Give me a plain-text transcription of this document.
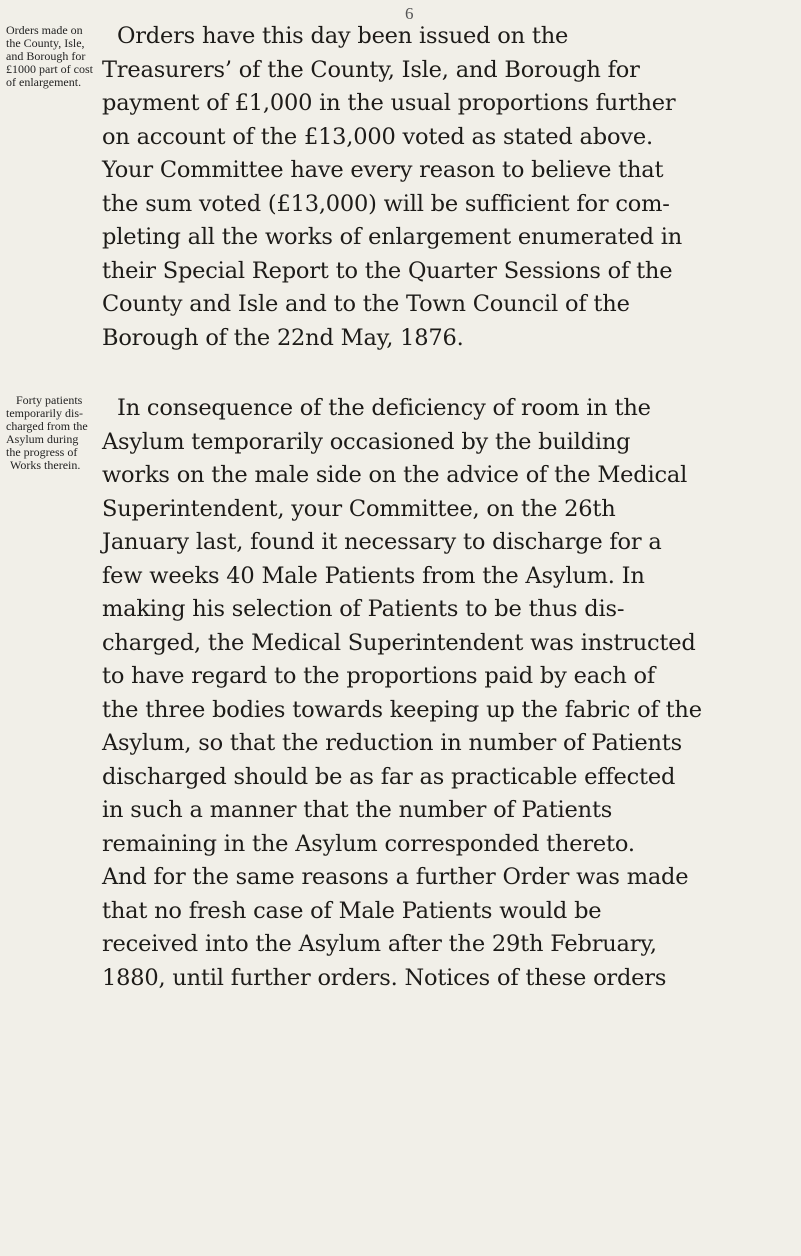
6
Orders made on
the County, Isle,
and Borough for
£1000 part of cost
of enlargement.
Forty patients
temporarily dis-
charged from the
Asylum during
the progress of
Works therein.
Orders have this day been issued on the
Treasurers’ of the County, Isle, and Borough for
payment of £1,000 in the usual proportions further
on account of the £13,000 voted as stated above.
Your Committee have every reason to believe that
the sum voted (£13,000) will be sufficient for com-
pleting all the works of enlargement enumerated in
their Special Report to the Quarter Sessions of the
County and Isle and to the Town Council of the
Borough of the 22nd May, 1876.
In consequence of the deficiency of room in the
Asylum temporarily occasioned by the building
works on the male side on the advice of the Medical
Superintendent, your Committee, on the 26th
January last, found it necessary to discharge for a
few weeks 40 Male Patients from the Asylum. In
making his selection of Patients to be thus dis-
charged, the Medical Superintendent was instructed
to have regard to the proportions paid by each of
the three bodies towards keeping up the fabric of the
Asylum, so that the reduction in number of Patients
discharged should be as far as practicable effected
in such a manner that the number of Patients
remaining in the Asylum corresponded thereto.
And for the same reasons a further Order was made
that no fresh case of Male Patients would be
received into the Asylum after the 29th February,
1880, until further orders. Notices of these orders
